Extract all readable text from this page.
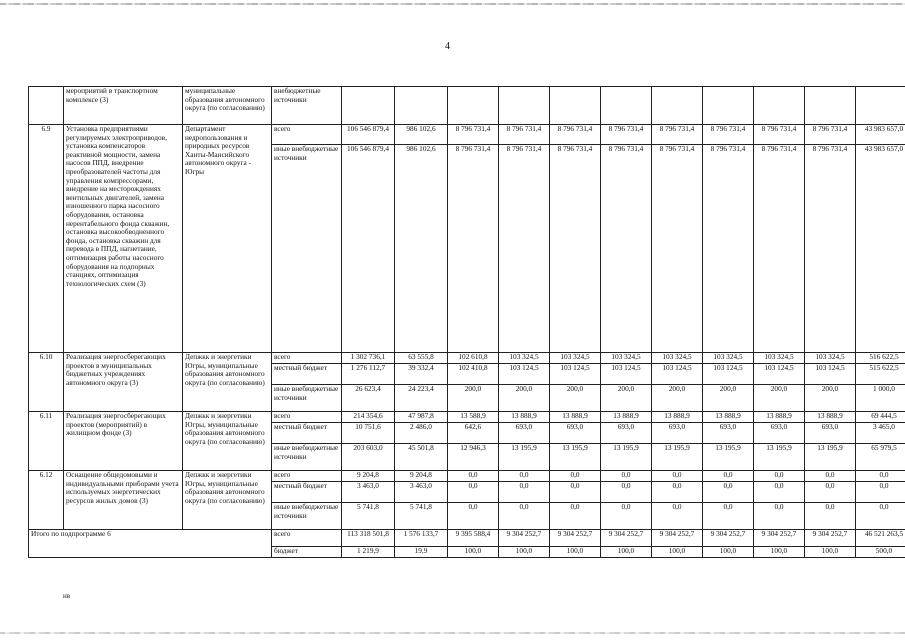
4
	мероприятий в транспортном комплексе (3)	муниципальные образования автономного округа (по согласованию)	внебюджетные источники											
6.9	Установка предприятиями регулируемых электроприводов, установка компенсаторов реактивной мощности, замена насосов ППД, внедрение преобразователей частоты для управления компрессорами, внедрение на месторождениях вентильных двигателей, замена изношенного парка насосного оборудования, остановка нерентабельного фонда скважин, остановка высокообводненного фонда, остановка скважин для перевода в ППД, нагнетание, оптимизация работы насосного оборудования на подпорных станциях, оптимизация технологических схем (3)	Департамент недропользования и природных ресурсов Ханты-Мансийского автономного округа - Югры	всего	106 546 879,4	986 102,6	8 796 731,4	8 796 731,4	8 796 731,4	8 796 731,4	8 796 731,4	8 796 731,4	8 796 731,4	8 796 731,4	43 983 657,0
			иные внебюджетные источники	106 546 879,4	986 102,6	8 796 731,4	8 796 731,4	8 796 731,4	8 796 731,4	8 796 731,4	8 796 731,4	8 796 731,4	8 796 731,4	43 983 657,0
6.10	Реализация энергосберегающих проектов в муниципальных бюджетных учреждениях автономного округа (3)	Депжкк и энергетики Югры, муниципальные образования автономного округа (по согласованию)	всего	1 302 736,1	63 555,8	102 610,8	103 324,5	103 324,5	103 324,5	103 324,5	103 324,5	103 324,5	103 324,5	516 622,5
			местный бюджет	1 276 112,7	39 332,4	102 410,8	103 124,5	103 124,5	103 124,5	103 124,5	103 124,5	103 124,5	103 124,5	515 622,5
			иные внебюджетные источники	26 623,4	24 223,4	200,0	200,0	200,0	200,0	200,0	200,0	200,0	200,0	1 000,0
6.11	Реализация энергосберегающих проектов (мероприятий) в жилищном фонде (3)	Депжкк и энергетики Югры, муниципальные образования автономного округа (по согласованию)	всего	214 354,6	47 987,8	13 588,9	13 888,9	13 888,9	13 888,9	13 888,9	13 888,9	13 888,9	13 888,9	69 444,5
			местный бюджет	10 751,6	2 486,0	642,6	693,0	693,0	693,0	693,0	693,0	693,0	693,0	3 465,0
			иные внебюджетные источники	203 603,0	45 501,8	12 946,3	13 195,9	13 195,9	13 195,9	13 195,9	13 195,9	13 195,9	13 195,9	65 979,5
6.12	Оснащение общедомовыми и индивидуальными приборами учета используемых энергетических ресурсов жилых домов (3)	Депжкк и энергетики Югры, муниципальные образования автономного округа (по согласованию)	всего	9 204,8	9 204,8	0,0	0,0	0,0	0,0	0,0	0,0	0,0	0,0	0,0
			местный бюджет	3 463,0	3 463,0	0,0	0,0	0,0	0,0	0,0	0,0	0,0	0,0	0,0
			иные внебюджетные источники	5 741,8	5 741,8	0,0	0,0	0,0	0,0	0,0	0,0	0,0	0,0	0,0
Итого по подпрограмме 6			всего	113 318 501,8	1 576 133,7	9 395 588,4	9 304 252,7	9 304 252,7	9 304 252,7	9 304 252,7	9 304 252,7	9 304 252,7	9 304 252,7	46 521 263,5
			бюджет	1 219,9	19,9	100,0	100,0	100,0	100,0	100,0	100,0	100,0	100,0	500,0
нв
